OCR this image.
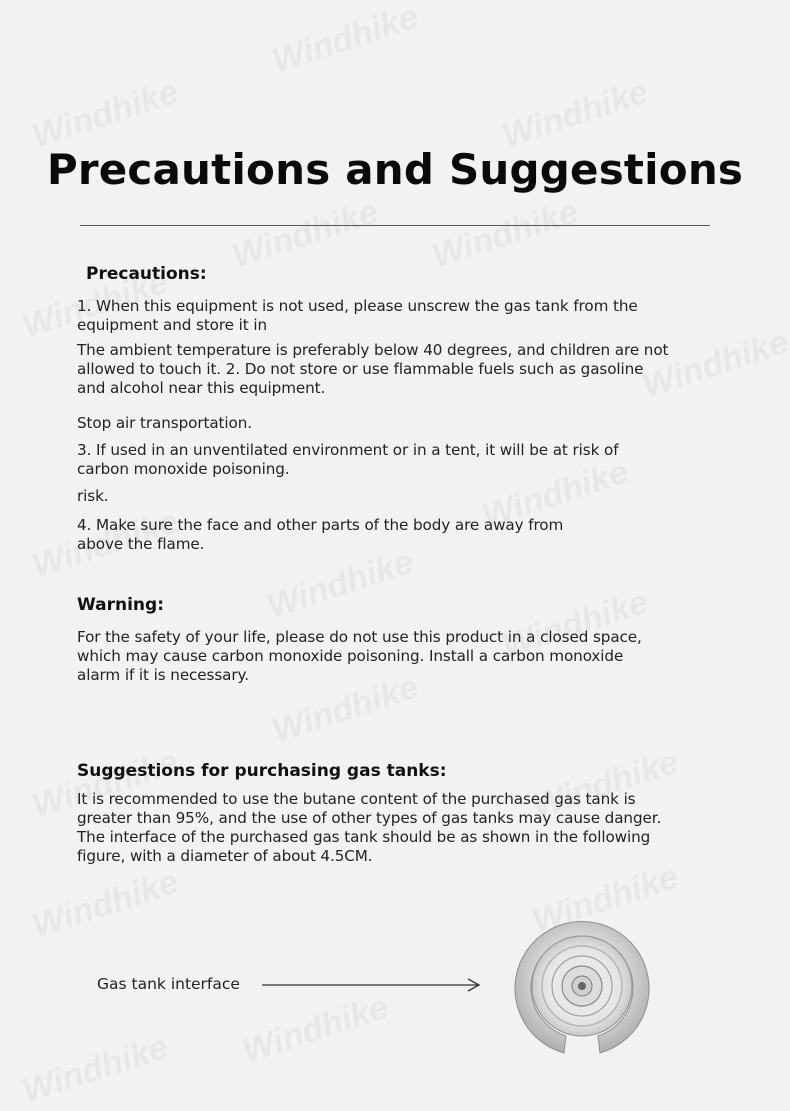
Precautions and Suggestions
Precautions:
1. When this equipment is not used, please unscrew the gas tank from the
equipment and store it in
The ambient temperature is preferably below 40 degrees, and children are not
allowed to touch it. 2. Do not store or use flammable fuels such as gasoline
and alcohol near this equipment.
Stop air transportation.
3. If used in an unventilated environment or in a tent, it will be at risk of
carbon monoxide poisoning.
risk.
4. Make sure the face and other parts of the body are away from
above the flame.
Warning:
For the safety of your life, please do not use this product in a closed space,
which may cause carbon monoxide poisoning. Install a carbon monoxide
alarm if it is necessary.
Suggestions for purchasing gas tanks:
It is recommended to use the butane content of the purchased gas tank is
greater than 95%, and the use of other types of gas tanks may cause danger.
The interface of the purchased gas tank should be as shown in the following
figure, with a diameter of about 4.5CM.
Gas tank interface
